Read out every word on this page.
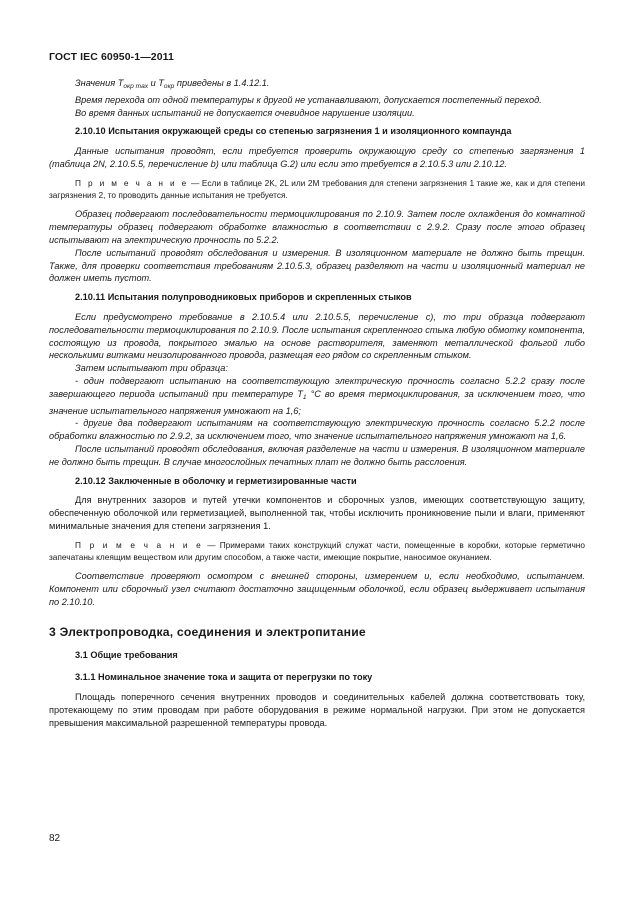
ГОСТ IEC 60950-1—2011

Значения $T_{окр max}$ и $T_{окр}$ приведены в 1.4.12.1.

Время перехода от одной температуры к другой не устанавливают, допускается постепенный переход.

Во время данных испытаний не допускается очевидное нарушение изоляции.

2.10.10 Испытания окружающей среды со степенью загрязнения 1 и изоляционного компаунда

Данные испытания проводят, если требуется проверить окружающую среду со степенью загрязнения 1 (таблица 2N, 2.10.5.5, перечисление b) или таблица G.2) или если это требуется в 2.10.5.3 или 2.10.12.

П р и м е ч а н и е — Если в таблице 2K, 2L или 2M требования для степени загрязнения 1 такие же, как и для степени загрязнения 2, то проводить данные испытания не требуется.

Образец подвергают последовательности термоциклирования по 2.10.9. Затем после охлаждения до комнатной температуры образец подвергают обработке влажностью в соответствии с 2.9.2. Сразу после этого образец испытывают на электрическую прочность по 5.2.2.

После испытаний проводят обследования и измерения. В изоляционном материале не должно быть трещин. Также, для проверки соответствия требованиям 2.10.5.3, образец разделяют на части и изоляционный материал не должен иметь пустот.

2.10.11 Испытания полупроводниковых приборов и скрепленных стыков

Если предусмотрено требование в 2.10.5.4 или 2.10.5.5, перечисление c), то три образца подвергают последовательности термоциклирования по 2.10.9. После испытания скрепленного стыка любую обмотку компонента, состоящую из провода, покрытого эмалью на основе растворителя, заменяют металлической фольгой либо несколькими витками неизолированного провода, размещая его рядом со скрепленным стыком.

Затем испытывают три образца:

- один подвергают испытанию на соответствующую электрическую прочность согласно 5.2.2 сразу после завершающего периода испытаний при температуре $T_1$ °C во время термоциклирования, за исключением того, что значение испытательного напряжения умножают на 1,6;

- другие два подвергают испытаниям на соответствующую электрическую прочность согласно 5.2.2 после обработки влажностью по 2.9.2, за исключением того, что значение испытательного напряжения умножают на 1,6.

После испытаний проводят обследования, включая разделение на части и измерения. В изоляционном материале не должно быть трещин. В случае многослойных печатных плат не должно быть расслоения.

2.10.12 Заключенные в оболочку и герметизированные части

Для внутренних зазоров и путей утечки компонентов и сборочных узлов, имеющих соответствующую защиту, обеспеченную оболочкой или герметизацией, выполненной так, чтобы исключить проникновение пыли и влаги, применяют минимальные значения для степени загрязнения 1.

П р и м е ч а н и е — Примерами таких конструкций служат части, помещенные в коробки, которые герметично запечатаны клеящим веществом или другим способом, а также части, имеющие покрытие, наносимое окунанием.

Соответствие проверяют осмотром с внешней стороны, измерением и, если необходимо, испытанием. Компонент или сборочный узел считают достаточно защищенным оболочкой, если образец выдерживает испытания по 2.10.10.

3 Электропроводка, соединения и электропитание

3.1 Общие требования

3.1.1 Номинальное значение тока и защита от перегрузки по току

Площадь поперечного сечения внутренних проводов и соединительных кабелей должна соответствовать току, протекающему по этим проводам при работе оборудования в режиме нормальной нагрузки. При этом не допускается превышения максимальной разрешенной температуры провода.

82
